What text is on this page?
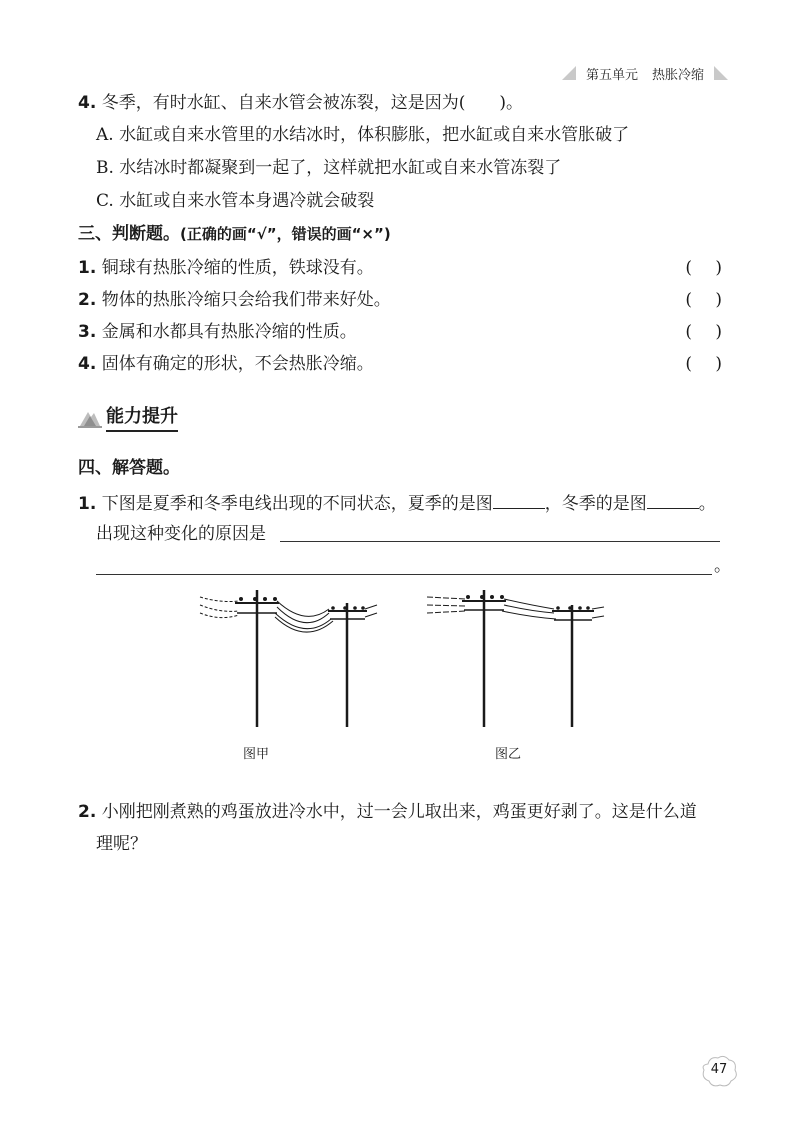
第五单元 热胀冷缩
4. 冬季，有时水缸、自来水管会被冻裂，这是因为(　　)。
A. 水缸或自来水管里的水结冰时，体积膨胀，把水缸或自来水管胀破了
B. 水结冰时都凝聚到一起了，这样就把水缸或自来水管冻裂了
C. 水缸或自来水管本身遇冷就会破裂
三、判断题。(正确的画“√”，错误的画“×”)
1. 铜球有热胀冷缩的性质，铁球没有。	( )
2. 物体的热胀冷缩只会给我们带来好处。	( )
3. 金属和水都具有热胀冷缩的性质。	( )
4. 固体有确定的形状，不会热胀冷缩。	( )
能力提升
四、解答题。
1. 下图是夏季和冬季电线出现的不同状态，夏季的是图	，冬季的是图	。
出现这种变化的原因是
。
图甲	图乙
2. 小刚把刚煮熟的鸡蛋放进冷水中，过一会儿取出来，鸡蛋更好剥了。这是什么道
理呢？
47
